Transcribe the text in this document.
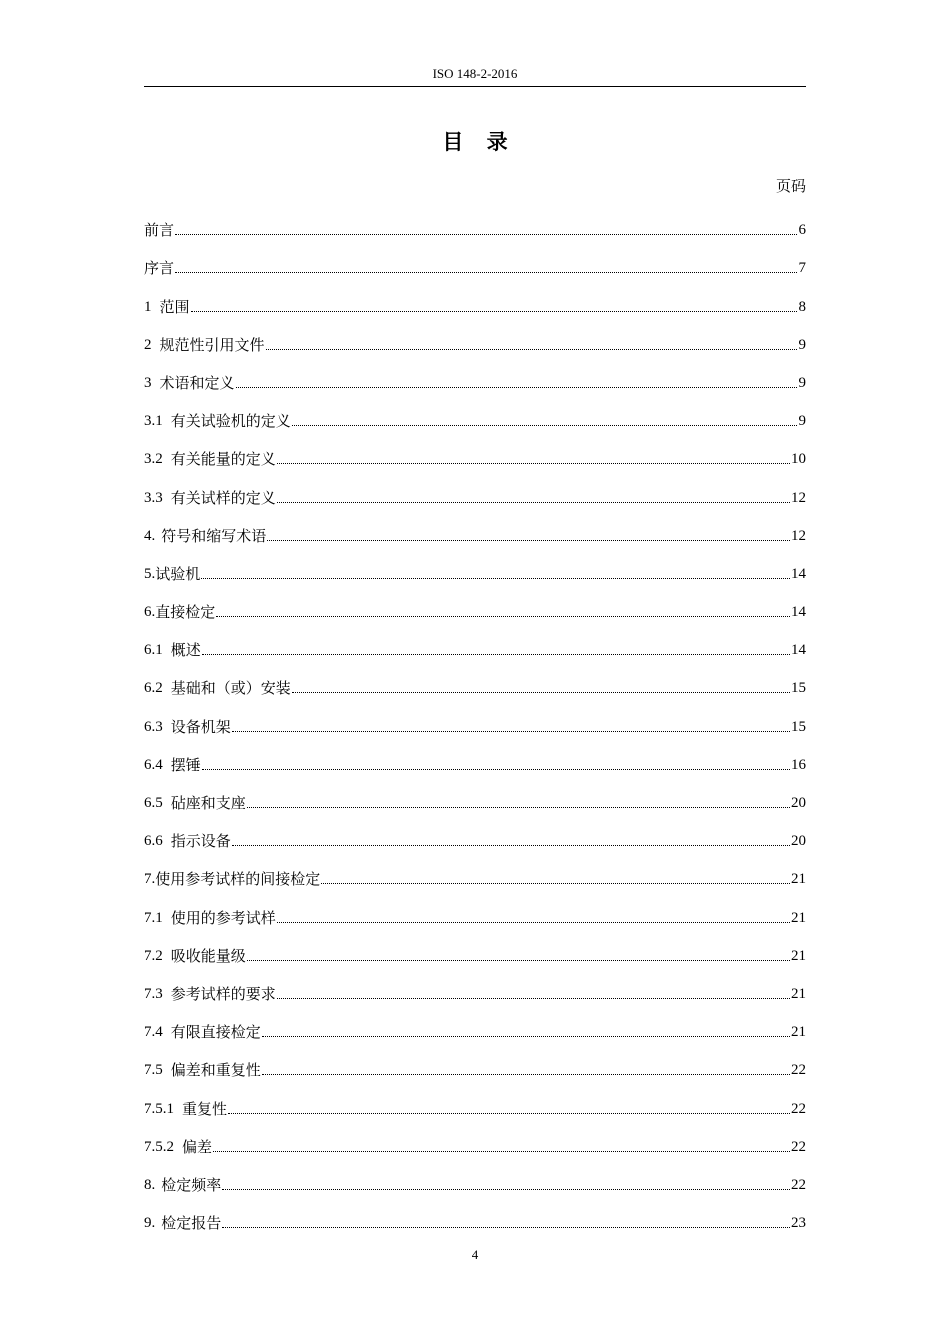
ISO 148-2-2016
目 录
页码
前言	6
序言	7
1 范围	8
2 规范性引用文件	9
3 术语和定义	9
3.1 有关试验机的定义	9
3.2 有关能量的定义	10
3.3 有关试样的定义	12
4. 符号和缩写术语	12
5. 试验机	14
6. 直接检定	14
6.1 概述	14
6.2 基础和（或）安装	15
6.3 设备机架	15
6.4 摆锤	16
6.5 砧座和支座	20
6.6 指示设备	20
7. 使用参考试样的间接检定	21
7.1 使用的参考试样	21
7.2 吸收能量级	21
7.3 参考试样的要求	21
7.4 有限直接检定	21
7.5 偏差和重复性	22
7.5.1 重复性	22
7.5.2 偏差	22
8. 检定频率	22
9. 检定报告	23
4
